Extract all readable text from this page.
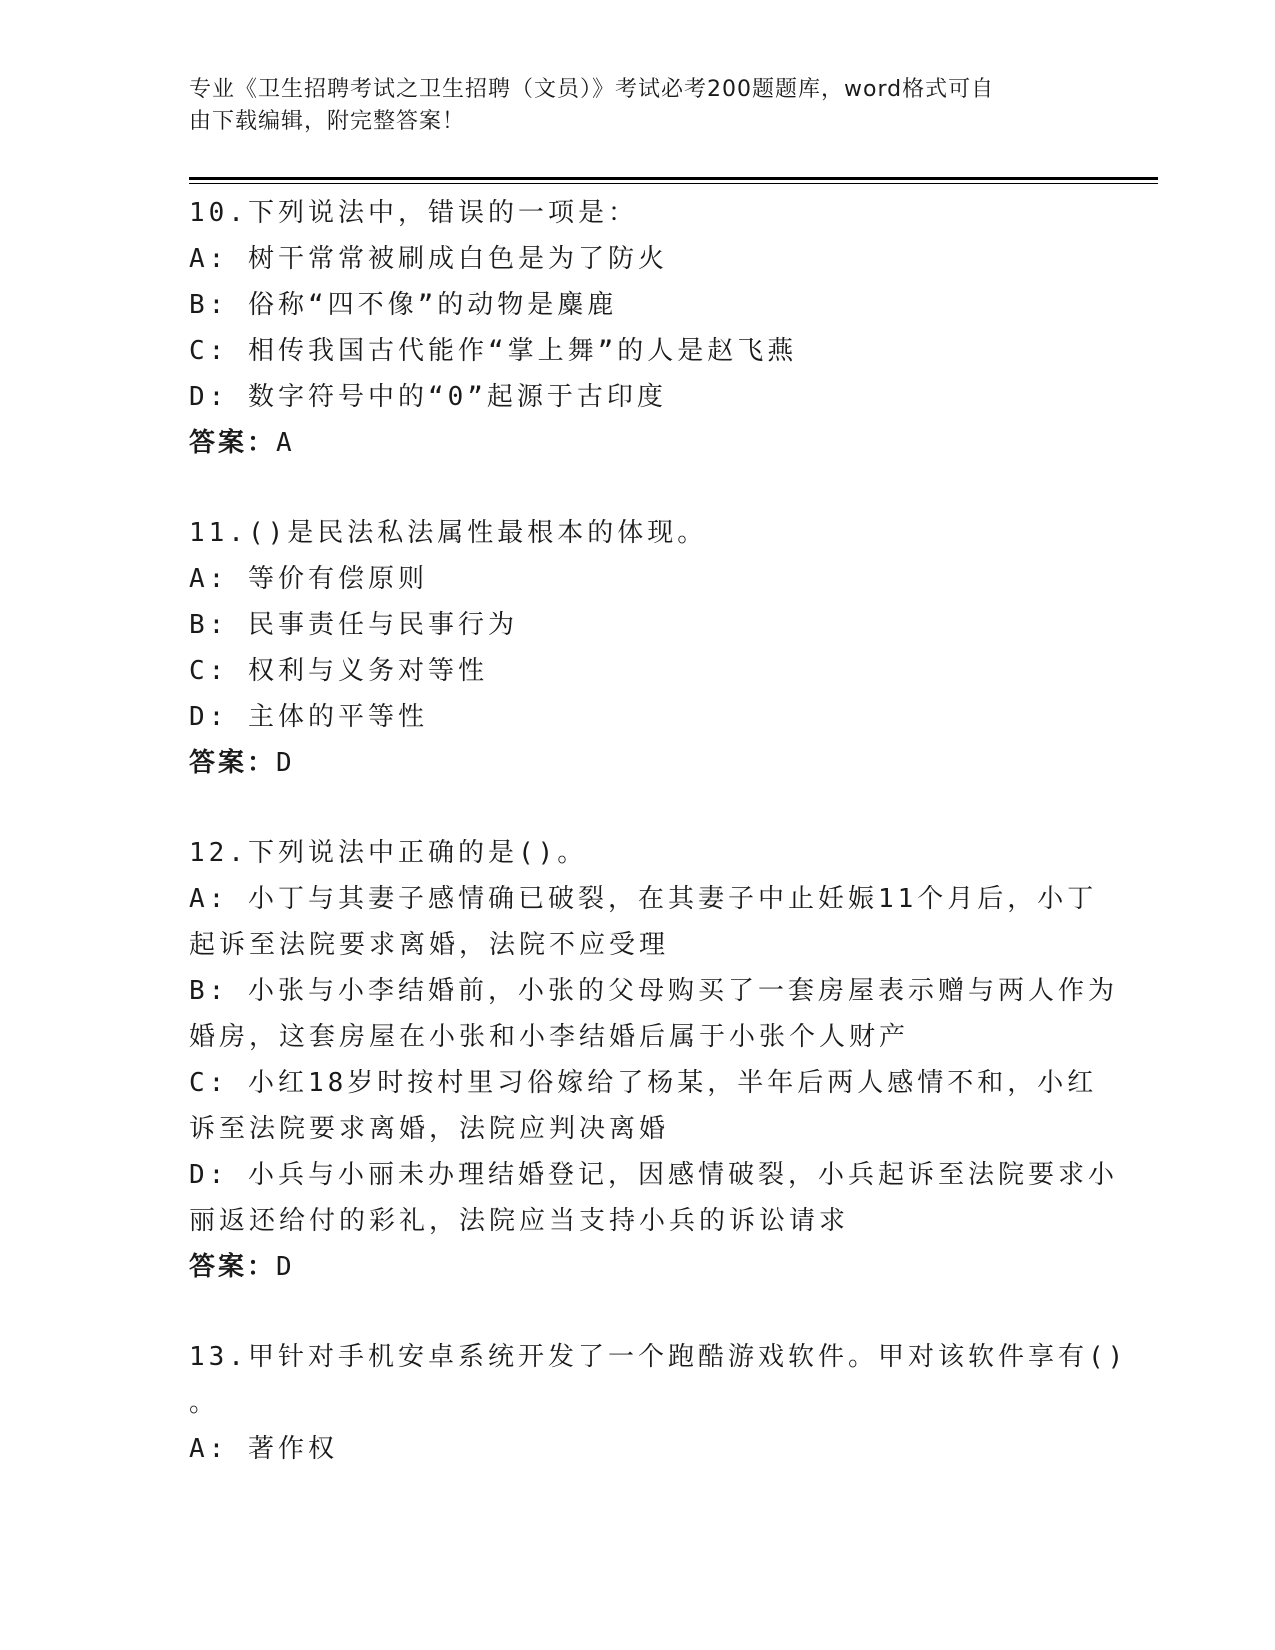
专业《卫生招聘考试之卫生招聘（文员）》考试必考200题题库，word格式可自
由下载编辑，附完整答案！
10.下列说法中，错误的一项是：
A: 树干常常被刷成白色是为了防火
B: 俗称“四不像”的动物是麋鹿
C: 相传我国古代能作“掌上舞”的人是赵飞燕
D: 数字符号中的“0”起源于古印度
答案：A
11.()是民法私法属性最根本的体现。
A: 等价有偿原则
B: 民事责任与民事行为
C: 权利与义务对等性
D: 主体的平等性
答案：D
12.下列说法中正确的是()。
A: 小丁与其妻子感情确已破裂，在其妻子中止妊娠11个月后，小丁
起诉至法院要求离婚，法院不应受理
B: 小张与小李结婚前，小张的父母购买了一套房屋表示赠与两人作为
婚房，这套房屋在小张和小李结婚后属于小张个人财产
C: 小红18岁时按村里习俗嫁给了杨某，半年后两人感情不和，小红
诉至法院要求离婚，法院应判决离婚
D: 小兵与小丽未办理结婚登记，因感情破裂，小兵起诉至法院要求小
丽返还给付的彩礼，法院应当支持小兵的诉讼请求
答案：D
13.甲针对手机安卓系统开发了一个跑酷游戏软件。甲对该软件享有()
。
A: 著作权
